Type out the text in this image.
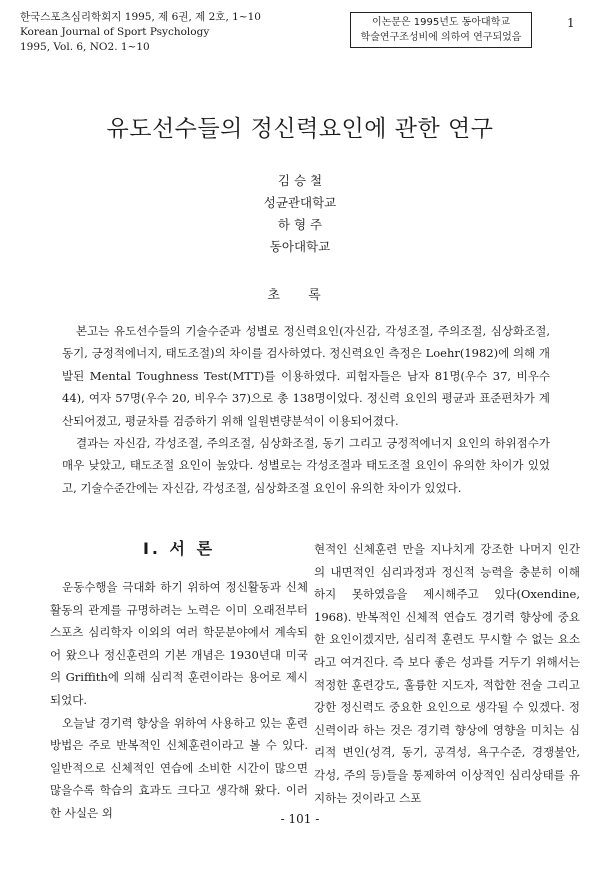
한국스포츠심리학회지 1995, 제 6권, 제 2호, 1~10
Korean Journal of Sport Psychology
1995, Vol. 6, NO2. 1~10
이논문은 1995년도 동아대학교
학술연구조성비에 의하여 연구되었음
1
유도선수들의 정신력요인에 관한 연구
김 승 철
성균관대학교
하 형 주
동아대학교
초 록

본고는 유도선수들의 기술수준과 성별로 정신력요인(자신감, 각성조절, 주의조절, 심상화조절, 동기, 긍정적에너지, 태도조절)의 차이를 검사하였다. 정신력요인 측정은 Loehr(1982)에 의해 개발된 Mental Toughness Test(MTT)를 이용하였다. 피험자들은 남자 81명(우수 37, 비우수 44), 여자 57명(우수 20, 비우수 37)으로 총 138명이었다. 정신력 요인의 평균과 표준편차가 계산되어졌고, 평균차를 검증하기 위해 일원변량분석이 이용되어졌다.

결과는 자신감, 각성조절, 주의조절, 심상화조절, 동기 그리고 긍정적에너지 요인의 하위점수가 매우 낮았고, 태도조절 요인이 높았다. 성별로는 각성조절과 태도조절 요인이 유의한 차이가 있었고, 기술수준간에는 자신감, 각성조절, 심상화조절 요인이 유의한 차이가 있었다.

I. 서 론

운동수행을 극대화 하기 위하여 정신활동과 신체활동의 관계를 규명하려는 노력은 이미 오래전부터 스포츠 심리학자 이외의 여러 학문분야에서 계속되어 왔으나 정신훈련의 기본 개념은 1930년대 미국의 Griffith에 의해 심리적 훈련이라는 용어로 제시되었다.

오늘날 경기력 향상을 위하여 사용하고 있는 훈련방법은 주로 반복적인 신체훈련이라고 볼 수 있다. 일반적으로 신체적인 연습에 소비한 시간이 많으면 많을수록 학습의 효과도 크다고 생각해 왔다. 이러한 사실은 외

현적인 신체훈련 만을 지나치게 강조한 나머지 인간의 내면적인 심리과정과 정신적 능력을 충분히 이해하지 못하였음을 제시해주고 있다(Oxendine, 1968). 반복적인 신체적 연습도 경기력 향상에 중요한 요인이겠지만, 심리적 훈련도 무시할 수 없는 요소라고 여겨진다. 즉 보다 좋은 성과를 거두기 위해서는 적정한 훈련강도, 훌륭한 지도자, 적합한 전술 그리고 강한 정신력도 중요한 요인으로 생각될 수 있겠다. 정신력이라 하는 것은 경기력 향상에 영향을 미치는 심리적 변인(성격, 동기, 공격성, 욕구수준, 경쟁불안, 각성, 주의 등)들을 통제하여 이상적인 심리상태를 유지하는 것이라고 스포

- 101 -
